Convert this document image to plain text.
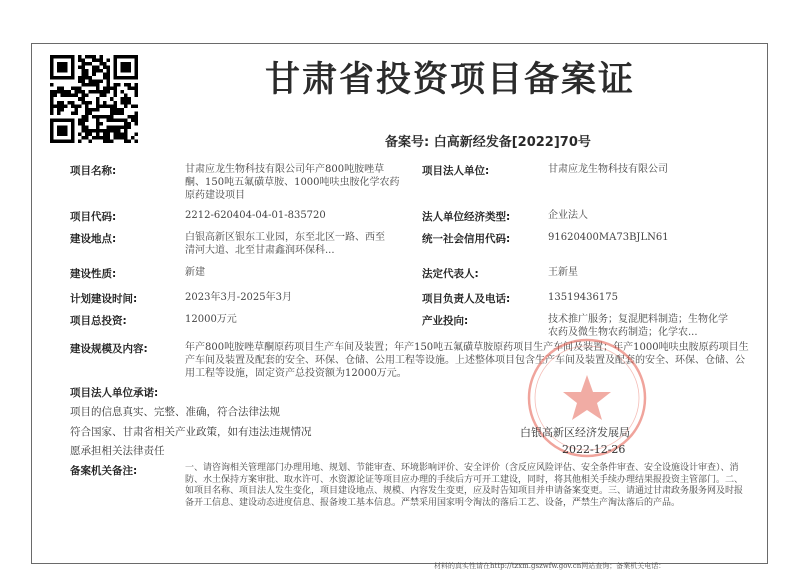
甘肃省投资项目备案证
备案号: 白高新经发备[2022]70号
项目名称:	甘肃应龙生物科技有限公司年产800吨胺唑草酮、150吨五氟磺草胺、1000吨呋虫胺化学农药原药建设项目
项目代码:	2212-620404-04-01-835720
建设地点:	白银高新区银东工业园，东至北区一路、西至清河大道、北至甘肃鑫润环保科...
建设性质:	新建
计划建设时间:	2023年3月-2025年3月
项目总投资:	12000万元
项目法人单位:	甘肃应龙生物科技有限公司
法人单位经济类型:	企业法人
统一社会信用代码:	91620400MA73BJLN61
法定代表人:	王新星
项目负责人及电话:	13519436175
产业投向:	技术推广服务；复混肥料制造；生物化学农药及微生物农药制造；化学农...
建设规模及内容:	年产800吨胺唑草酮原药项目生产车间及装置；年产150吨五氟磺草胺原药项目生产车间及装置；年产1000吨呋虫胺原药项目生产车间及装置及配套的安全、环保、仓储、公用工程等设施。上述整体项目包含生产车间及装置及配套的安全、环保、仓储、公用工程等设施，固定资产总投资额为12000万元。
项目法人单位承诺:
项目的信息真实、完整、准确，符合法律法规
符合国家、甘肃省相关产业政策，如有违法违规情况
愿承担相关法律责任
白银高新区经济发展局
2022-12-26
备案机关备注:	一、请咨询相关管理部门办理用地、规划、节能审查、环境影响评价、安全评价（含反应风险评估、安全条件审查、安全设施设计审查）、消防、水土保持方案审批、取水许可、水资源论证等项目应办理的手续后方可开工建设，同时，将其他相关手续办理结果报投资主管部门。二、如项目名称、项目法人发生变化，项目建设地点、规模、内容发生变更，应及时告知项目并申请备案变更。三、请通过甘肃政务服务网及时报备开工信息、建设动态进度信息、报备竣工基本信息。严禁采用国家明令淘汰的落后工艺、设备，严禁生产淘汰落后的产品。
材料的真实性请在http://tzxm.gszwfw.gov.cn网站查询；备案机关电话：
